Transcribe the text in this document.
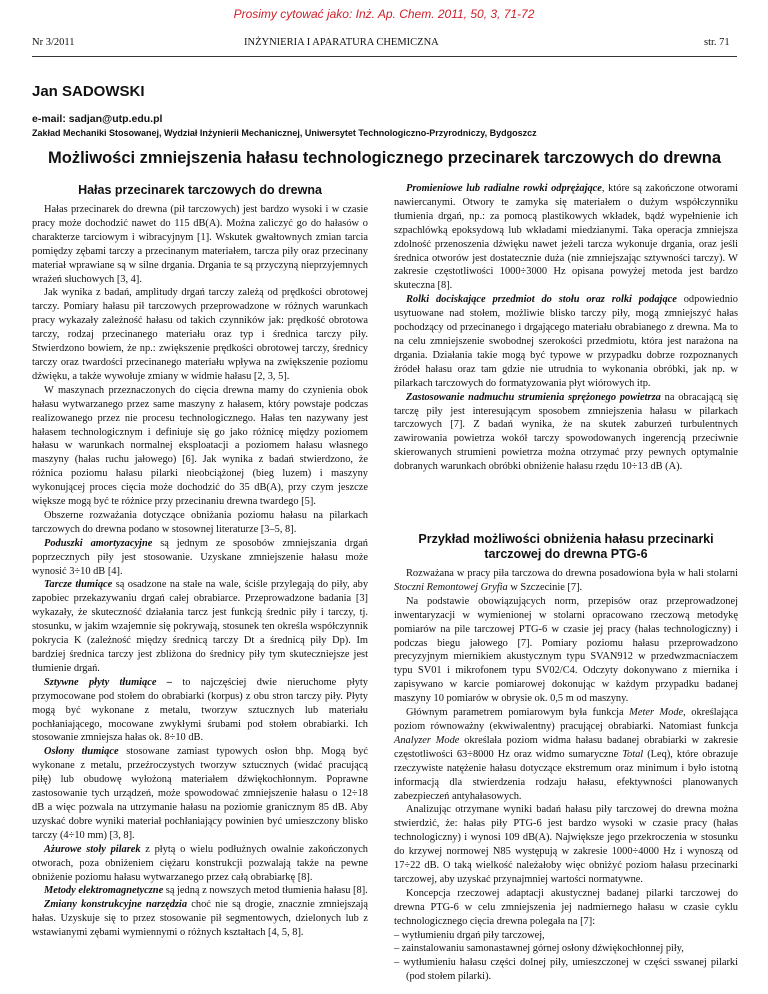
Prosimy cytować jako: Inż. Ap. Chem. 2011, 50, 3, 71-72
Nr 3/2011	INŻYNIERIA I APARATURA CHEMICZNA	str. 71
Jan SADOWSKI
e-mail: sadjan@utp.edu.pl
Zakład Mechaniki Stosowanej, Wydział Inżynierii Mechanicznej, Uniwersytet Technologiczno-Przyrodniczy, Bydgoszcz
Możliwości zmniejszenia hałasu technologicznego przecinarek tarczowych do drewna
Hałas przecinarek tarczowych do drewna

Hałas przecinarek do drewna (pił tarczowych) jest bardzo wysoki i w czasie pracy może dochodzić nawet do 115 dB(A). Można zaliczyć go do hałasów o charakterze tarciowym i wibracyjnym [1]. Wskutek gwałtownych zmian tarcia pomiędzy zębami tarczy a przecinanym materiałem, tarcza piły oraz przecinany materiał wprawiane są w silne drgania. Drgania te są przyczyną nieprzyjemnych wrażeń słuchowych [3, 4].

Jak wynika z badań, amplitudy drgań tarczy zależą od prędkości obrotowej tarczy. Pomiary hałasu pił tarczowych przeprowadzone w różnych warunkach pracy wykazały zależność hałasu od takich czynników jak: prędkość obrotowa tarczy, rodzaj przecinanego materiału oraz typ i średnica tarczy piły. Stwierdzono bowiem, że np.: zwiększenie prędkości obrotowej tarczy, średnicy tarczy oraz twardości przecinanego materiału wpływa na zwiększenie poziomu dźwięku, a także wywołuje zmiany w widmie hałasu [2, 3, 5].

W maszynach przeznaczonych do cięcia drewna mamy do czynienia obok hałasu wytwarzanego przez same maszyny z hałasem, który powstaje podczas realizowanego przez nie procesu technologicznego. Hałas ten nazywany jest hałasem technologicznym i definiuje się go jako różnicę między poziomem hałasu w warunkach normalnej eksploatacji a poziomem hałasu własnego maszyny (hałas ruchu jałowego) [6]. Jak wynika z badań stwierdzono, że różnica poziomu hałasu pilarki nieobciążonej (bieg luzem) i maszyny wykonującej proces cięcia może dochodzić do 35 dB(A), przy czym jeszcze większe mogą być te różnice przy przecinaniu drewna twardego [5].

Obszerne rozważania dotyczące obniżania poziomu hałasu na pilarkach tarczowych do drewna podano w stosownej literaturze [3–5, 8].

Poduszki amortyzacyjne są jednym ze sposobów zmniejszania drgań poprzecznych piły jest stosowanie. Uzyskane zmniejszenie hałasu może wynosić 3÷10 dB [4].

Tarcze tłumiące są osadzone na stałe na wale, ściśle przylegają do piły, aby zapobiec przekazywaniu drgań całej obrabiarce. Przeprowadzone badania [3] wykazały, że skuteczność działania tarcz jest funkcją średnic piły i tarczy, tj. stosunku, w jakim wzajemnie się pokrywają, stosunek ten określa współczynnik pokrycia K (zależność między średnicą tarczy Dt a średnicą piły Dp). Im bardziej średnica tarczy jest zbliżona do średnicy piły tym skuteczniejsze jest tłumienie drgań.

Sztywne płyty tłumiące – to najczęściej dwie nieruchome płyty przymocowane pod stołem do obrabiarki (korpus) z obu stron tarczy piły. Płyty mogą być wykonane z metalu, tworzyw sztucznych lub materiału pochłaniającego, mocowane zwykłymi śrubami pod stołem obrabiarki. Ich stosowanie zmniejsza hałas ok. 8÷10 dB.

Osłony tłumiące stosowane zamiast typowych osłon bhp. Mogą być wykonane z metalu, przeźroczystych tworzyw sztucznych (widać pracującą piłę) lub obudowę wyłożoną materiałem dźwiękochłonnym. Poprawne zastosowanie tych urządzeń, może spowodować zmniejszenie hałasu o 12÷18 dB a więc pozwala na utrzymanie hałasu na poziomie granicznym 85 dB. Aby uzyskać dobre wyniki materiał pochłaniający powinien być umieszczony blisko tarczy (4÷10 mm) [3, 8].

Ażurowe stoły pilarek z płytą o wielu podłużnych owalnie zakończonych otworach, poza obniżeniem ciężaru konstrukcji pozwalają także na pewne obniżenie poziomu hałasu wytwarzanego przez całą obrabiarkę [8].

Metody elektromagnetyczne są jedną z nowszych metod tłumienia hałasu [8].

Zmiany konstrukcyjne narzędzia choć nie są drogie, znacznie zmniejszają hałas. Uzyskuje się to przez stosowanie pił segmentowych, dzielonych lub z wstawianymi zębami wymiennymi o różnych kształtach [4, 5, 8].

Promieniowe lub radialne rowki odprężające, które są zakończone otworami nawiercanymi. Otwory te zamyka się materiałem o dużym współczynniku tłumienia drgań, np.: za pomocą plastikowych wkładek, bądź wypełnienie ich szpachlówką epoksydową lub wkładami miedzianymi. Taka operacja zmniejsza zdolność przenoszenia dźwięku nawet jeżeli tarcza wykonuje drgania, oraz jeśli średnica otworów jest dostatecznie duża (nie zmniejszając sztywności tarczy). W zakresie częstotliwości 1000÷3000 Hz opisana powyżej metoda jest bardzo skuteczna [8].

Rolki dociskające przedmiot do stołu oraz rolki podające odpowiednio usytuowane nad stołem, możliwie blisko tarczy piły, mogą zmniejszyć hałas pochodzący od przecinanego i drgającego materiału obrabianego z drewna. Ma to na celu zmniejszenie swobodnej szerokości przedmiotu, która jest narażona na drgania. Działania takie mogą być typowe w przypadku dobrze rozpoznanych źródeł hałasu oraz tam gdzie nie utrudnia to wykonania obróbki, jak np. w pilarkach tarczowych do formatyzowania płyt wiórowych itp.

Zastosowanie nadmuchu strumienia sprężonego powietrza na obracającą się tarczę piły jest interesującym sposobem zmniejszenia hałasu w pilarkach tarczowych [7]. Z badań wynika, że na skutek zaburzeń turbulentnych zawirowania powietrza wokół tarczy spowodowanych ingerencją przeciwnie skierowanych strumieni powietrza można otrzymać przy pewnych optymalnie dobranych warunkach obróbki obniżenie hałasu rzędu 10÷13 dB (A).

Przykład możliwości obniżenia hałasu przecinarki tarczowej do drewna PTG-6

Rozważana w pracy piła tarczowa do drewna posadowiona była w hali stolarni Stoczni Remontowej Gryfia w Szczecinie [7].

Na podstawie obowiązujących norm, przepisów oraz przeprowadzonej inwentaryzacji w wymienionej w stolarni opracowano rzeczową metodykę pomiarów na pile tarczowej PTG-6 w czasie jej pracy (hałas technologiczny) i podczas biegu jałowego [7]. Pomiary poziomu hałasu przeprowadzono precyzyjnym miernikiem akustycznym typu SVAN912 w przedwzmacniaczem typu SV01 i mikrofonem typu SV02/C4. Odczyty dokonywano z miernika i zapisywano w karcie pomiarowej dokonując w każdym przypadku badanej maszyny 10 pomiarów w obrysie ok. 0,5 m od maszyny.

Głównym parametrem pomiarowym była funkcja Meter Mode, określająca poziom równoważny (ekwiwalentny) pracującej obrabiarki. Natomiast funkcja Analyzer Mode określała poziom widma hałasu badanej obrabiarki w zakresie częstotliwości 63÷8000 Hz oraz widmo sumaryczne Total (Leq), które obrazuje rzeczywiste natężenie hałasu dotyczące ekstremum oraz minimum i było istotną informacją dla stwierdzenia rodzaju hałasu, efektywności planowanych zabezpieczeń antyhałasowych.

Analizując otrzymane wyniki badań hałasu piły tarczowej do drewna można stwierdzić, że: hałas piły PTG-6 jest bardzo wysoki w czasie pracy (hałas technologiczny) i wynosi 109 dB(A). Największe jego przekroczenia w stosunku do krzywej normowej N85 występują w zakresie 1000÷4000 Hz i wynoszą od 17÷22 dB. O taką wielkość należałoby więc obniżyć poziom hałasu przecinarki tarczowej, aby uzyskać przynajmniej wartości normatywne.

Koncepcja rzeczowej adaptacji akustycznej badanej pilarki tarczowej do drewna PTG-6 w celu zmniejszenia jej nadmiernego hałasu w czasie cyklu technologicznego cięcia drewna polegała na [7]:

– wytłumieniu drgań piły tarczowej,
– zainstalowaniu samonastawnej górnej osłony dźwiękochłonnej piły,
– wytłumieniu hałasu części dolnej piły, umieszczonej w części sswanej pilarki (pod stołem pilarki).
